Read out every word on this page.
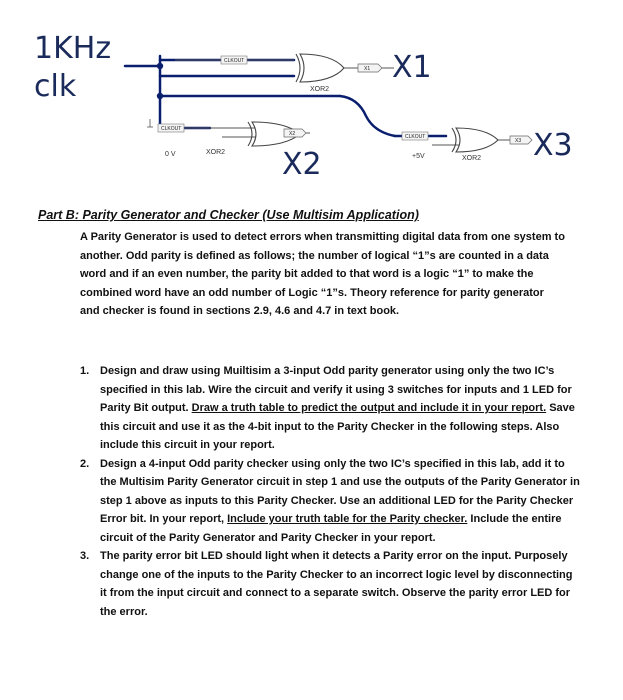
1KHz
clk
X1
X2
X3
CLKOUT
CLKOUT
CLKOUT
XOR2
XOR2
XOR2
X1
X2
X3
0 V	+5V
Part B: Parity Generator and Checker (Use Multisim Application)

A Parity Generator is used to detect errors when transmitting digital data from one system to another. Odd parity is defined as follows; the number of logical “1”s are counted in a data word and if an even number, the parity bit added to that word is a logic “1” to make the combined word have an odd number of Logic “1”s. Theory reference for parity generator and checker is found in sections 2.9, 4.6 and 4.7 in text book.

1. Design and draw using Muiltisim a 3-input Odd parity generator using only the two IC’s specified in this lab. Wire the circuit and verify it using 3 switches for inputs and 1 LED for Parity Bit output. Draw a truth table to predict the output and include it in your report. Save this circuit and use it as the 4-bit input to the Parity Checker in the following steps. Also include this circuit in your report.
2. Design a 4-input Odd parity checker using only the two IC’s specified in this lab, add it to the Multisim Parity Generator circuit in step 1 and use the outputs of the Parity Generator in step 1 above as inputs to this Parity Checker. Use an additional LED for the Parity Checker Error bit. In your report, Include your truth table for the Parity checker. Include the entire circuit of the Parity Generator and Parity Checker in your report.
3. The parity error bit LED should light when it detects a Parity error on the input. Purposely change one of the inputs to the Parity Checker to an incorrect logic level by disconnecting it from the input circuit and connect to a separate switch. Observe the parity error LED for the error.
